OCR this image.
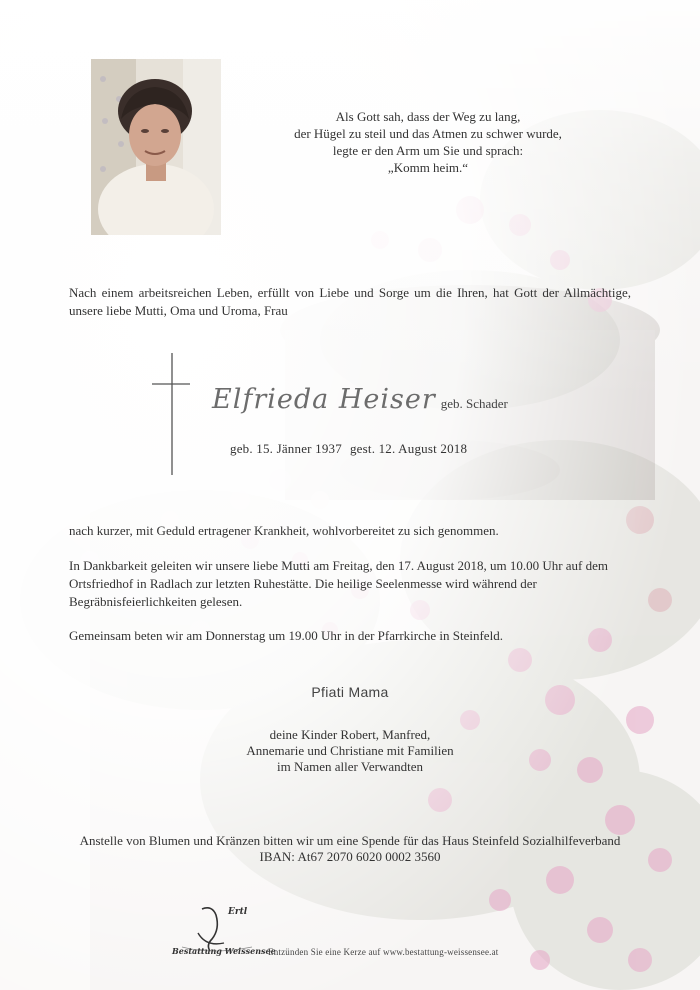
Als Gott sah, dass der Weg zu lang,
der Hügel zu steil und das Atmen zu schwer wurde,
legte er den Arm um Sie und sprach:
„Komm heim.“
Nach einem arbeitsreichen Leben, erfüllt von Liebe und Sorge um die Ihren, hat Gott der Allmächtige, unsere liebe Mutti, Oma und Uroma, Frau
Elfrieda Heiser geb. Schader
geb. 15. Jänner 1937 gest. 12. August 2018
nach kurzer, mit Geduld ertragener Krankheit, wohlvorbereitet zu sich genommen.
In Dankbarkeit geleiten wir unsere liebe Mutti am Freitag, den 17. August 2018, um 10.00 Uhr auf dem Ortsfriedhof in Radlach zur letzten Ruhestätte. Die heilige Seelenmesse wird während der Begräbnisfeierlichkeiten gelesen.
Gemeinsam beten wir am Donnerstag um 19.00 Uhr in der Pfarrkirche in Steinfeld.
Pfiati Mama
deine Kinder Robert, Manfred,
Annemarie und Christiane mit Familien
im Namen aller Verwandten
Anstelle von Blumen und Kränzen bitten wir um eine Spende für das Haus Steinfeld Sozialhilfeverband
IBAN: At67 2070 6020 0002 3560
Ertl
Bestattung Weissensee
Entzünden Sie eine Kerze auf www.bestattung-weissensee.at
